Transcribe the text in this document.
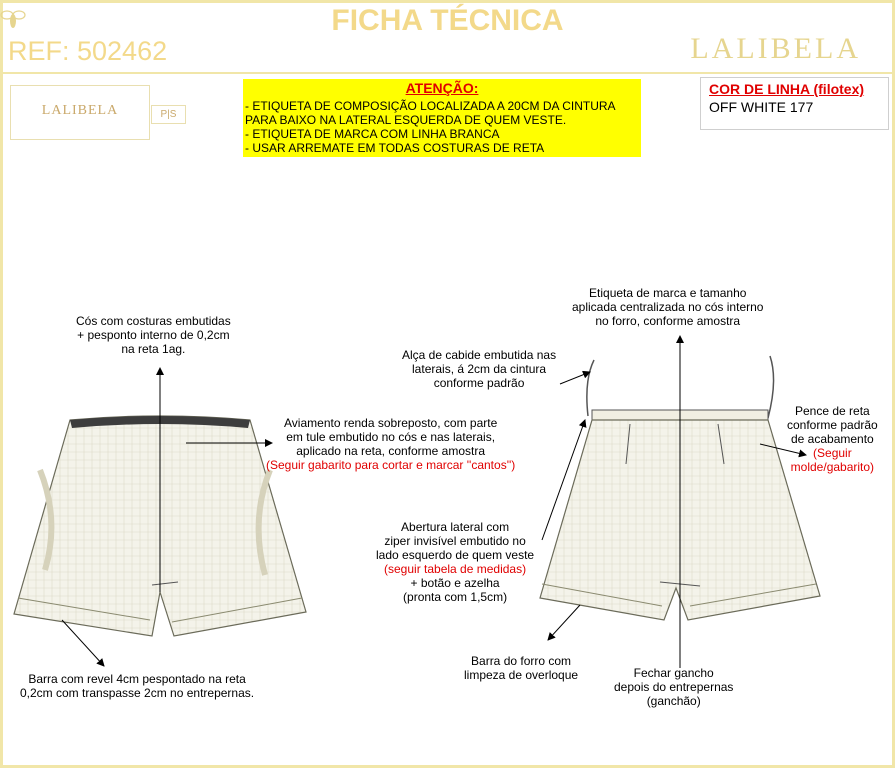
FICHA TÉCNICA
REF: 502462	LALIBELA
LALIBELA	P|S
ATENÇÃO:
- ETIQUETA DE COMPOSIÇÃO LOCALIZADA A 20CM DA CINTURA
PARA BAIXO NA LATERAL ESQUERDA DE QUEM VESTE.
- ETIQUETA DE MARCA COM LINHA BRANCA
- USAR ARREMATE EM TODAS COSTURAS DE RETA
COR DE LINHA (filotex)
OFF WHITE 177
Cós com costuras embutidas
+ pesponto interno de 0,2cm
na reta 1ag.
Aviamento renda sobreposto, com parte
em tule embutido no cós e nas laterais,
aplicado na reta, conforme amostra
(Seguir gabarito para cortar e marcar ''cantos'')
Barra com revel 4cm pespontado na reta
0,2cm com transpasse 2cm no entrepernas.
Etiqueta de marca e tamanho
aplicada centralizada no cós interno
no forro, conforme amostra
Alça de cabide embutida nas
laterais, á 2cm da cintura
conforme padrão
Pence de reta
conforme padrão
de acabamento
(Seguir
molde/gabarito)
Abertura lateral com
ziper invisível embutido no
lado esquerdo de quem veste
(seguir tabela de medidas)
+ botão e azelha
(pronta com 1,5cm)
Barra do forro com
limpeza de overloque	Fechar gancho
depois do entrepernas
(ganchão)
